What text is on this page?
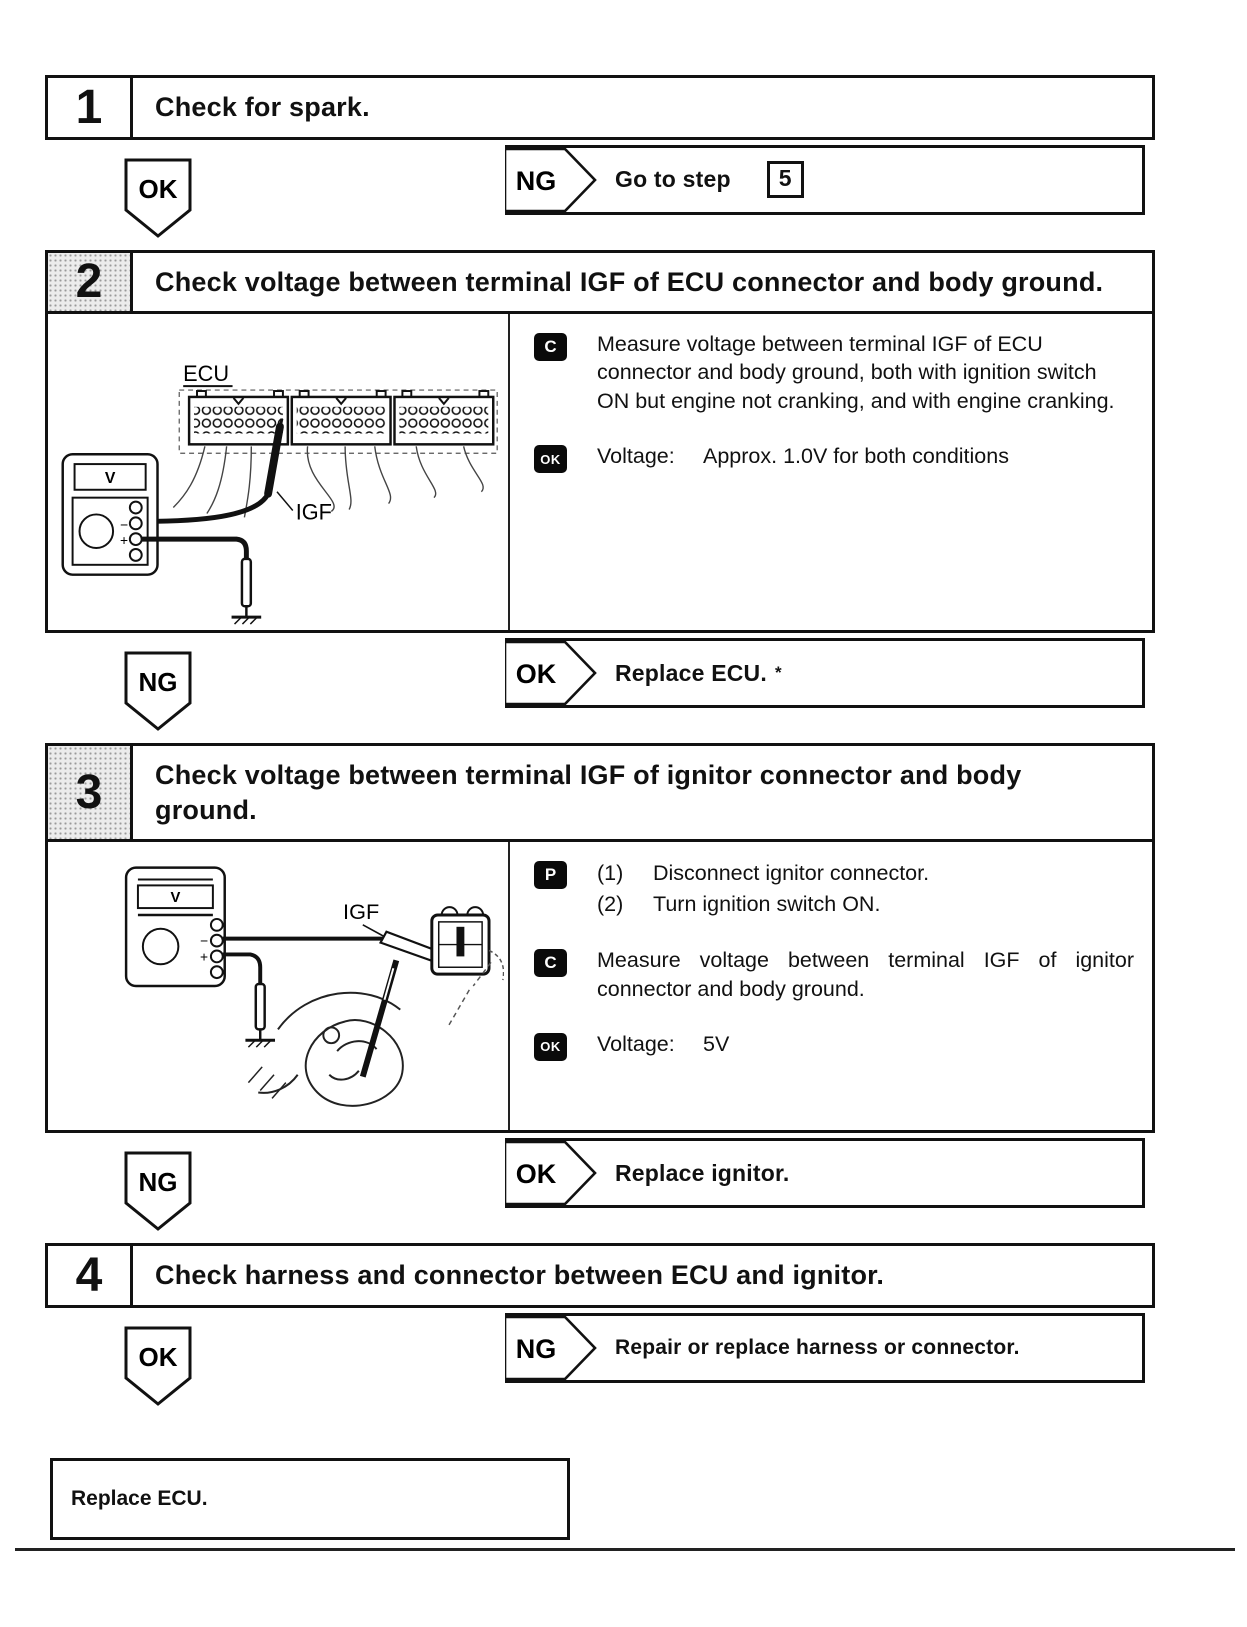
1	Check for spark.
OK	NG	Go to step	5
2	Check voltage between terminal IGF of ECU connector and body ground.
ECU
IGF
V
−
+
C	Measure voltage between terminal IGF of ECU connector and body ground, both with ignition switch ON but engine not cranking, and with engine cranking.

OK Voltage: Approx. 1.0V for both conditions

NG	OK	Replace ECU. *
3	Check voltage between terminal IGF of ignitor connector and body ground.
V
−
+
IGF
P	(1)	Disconnect ignitor connector.
(2)	Turn ignition switch ON.
C	Measure voltage between terminal IGF of ignitor connector and body ground.

OK Voltage: 5V

NG	OK	Replace ignitor.
4	Check harness and connector between ECU and ignitor.
OK	NG	Repair or replace harness or connector.
Replace ECU.
